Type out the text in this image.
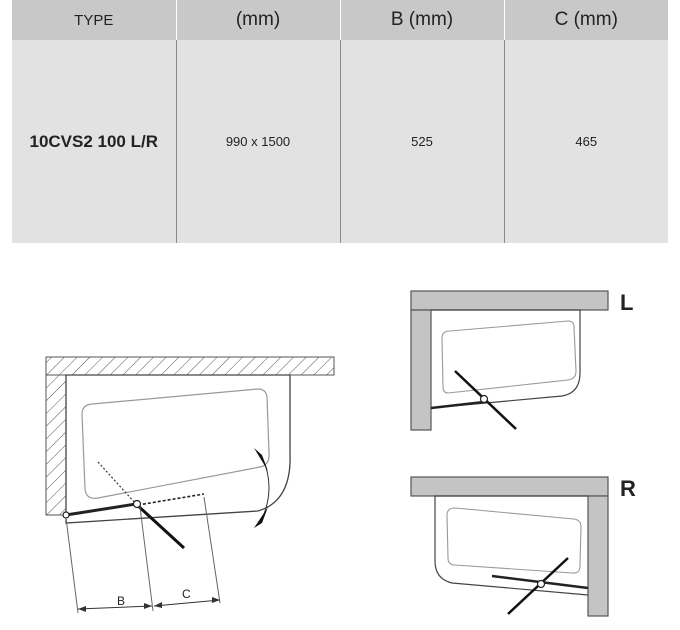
TYPE	(mm)	B (mm)	C (mm)
10CVS2 100 L/R	990 x 1500	525	465
B	C
L
R
